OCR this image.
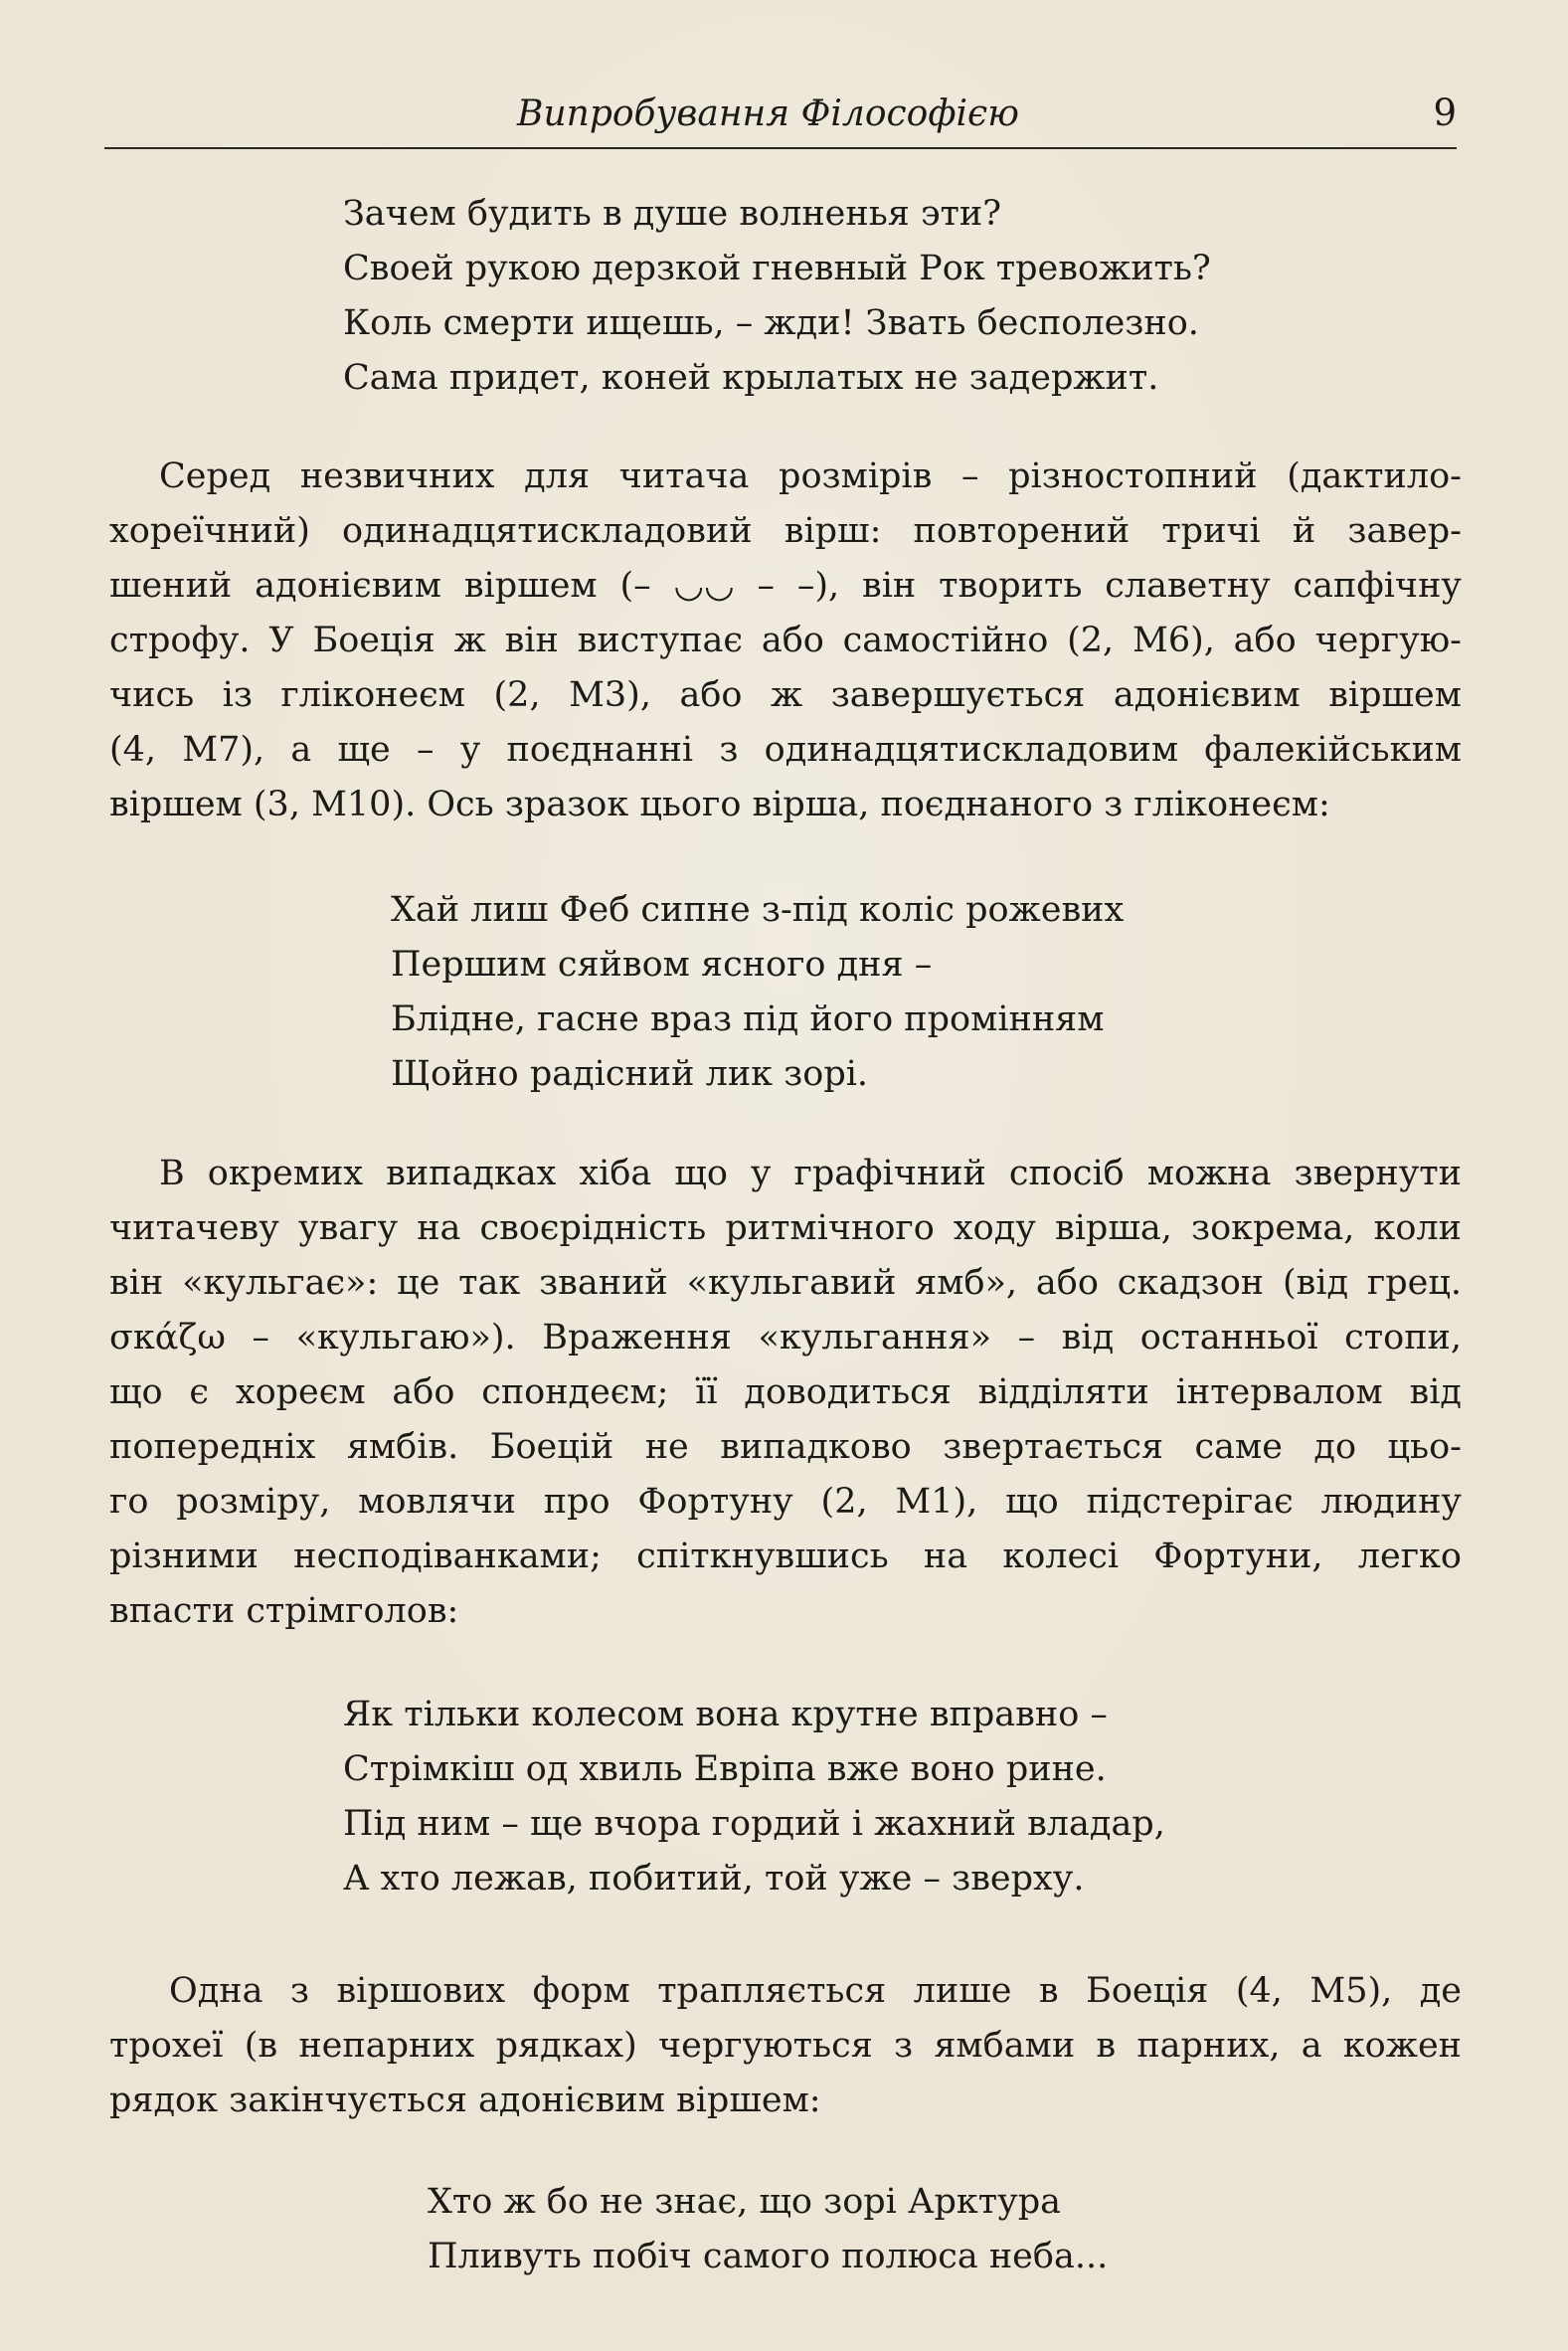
Випробування Філософією	9
Зачем будить в душе волненья эти?
Своей рукою дерзкой гневный Рок тревожить?
Коль смерти ищешь, – жди! Звать бесполезно.
Сама придет, коней крылатых не задержит.
Серед незвичних для читача розмірів – різностопний (дактило-
хореїчний) одинадцятискладовий вірш: повторений тричі й завер-
шений адонієвим віршем (– ◡◡ – –), він творить славетну сапфічну
строфу. У Боеція ж він виступає або самостійно (2, М6), або чергую-
чись із гліконеєм (2, М3), або ж завершується адонієвим віршем
(4, М7), а ще – у поєднанні з одинадцятискладовим фалекійським
віршем (3, М10). Ось зразок цього вірша, поєднаного з гліконеєм:
Хай лиш Феб сипне з-під коліс рожевих
Першим сяйвом ясного дня –
Блідне, гасне враз під його промінням
Щойно радісний лик зорі.
В окремих випадках хіба що у графічний спосіб можна звернути
читачеву увагу на своєрідність ритмічного ходу вірша, зокрема, коли
він «кульгає»: це так званий «кульгавий ямб», або скадзон (від грец.
σκάζω – «кульгаю»). Враження «кульгання» – від останньої стопи,
що є хореєм або спондеєм; її доводиться відділяти інтервалом від
попередніх ямбів. Боецій не випадково звертається саме до цьо-
го розміру, мовлячи про Фортуну (2, М1), що підстерігає людину
різними несподіванками; спіткнувшись на колесі Фортуни, легко
впасти стрімголов:
Як тільки колесом вона крутне вправно –
Стрімкіш од хвиль Евріпа вже воно рине.
Під ним – ще вчора гордий і жахний владар,
А хто лежав, побитий, той уже – зверху.
Одна з віршових форм трапляється лише в Боеція (4, М5), де
трохеї (в непарних рядках) чергуються з ямбами в парних, а кожен
рядок закінчується адонієвим віршем:
Хто ж бо не знає, що зорі Арктура
Пливуть побіч самого полюса неба...
